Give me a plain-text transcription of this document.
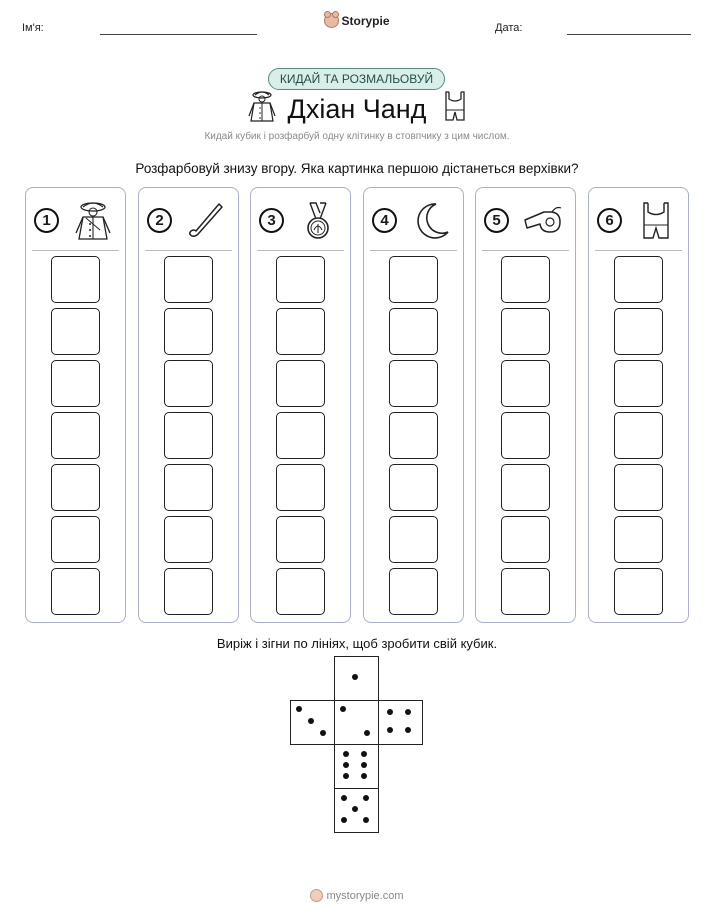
Ім'я:	Storypie	Дата:
КИДАЙ ТА РОЗМАЛЬОВУЙ
Дхіан Чанд
Кидай кубик і розфарбуй одну клітинку в стовпчику з цим числом.
Розфарбовуй знизу вгору. Яка картинка першою дістанеться верхівки?
1	2	3	4	5	6
Виріж і зігни по лініях, щоб зробити свій кубик.
mystorypie.com
